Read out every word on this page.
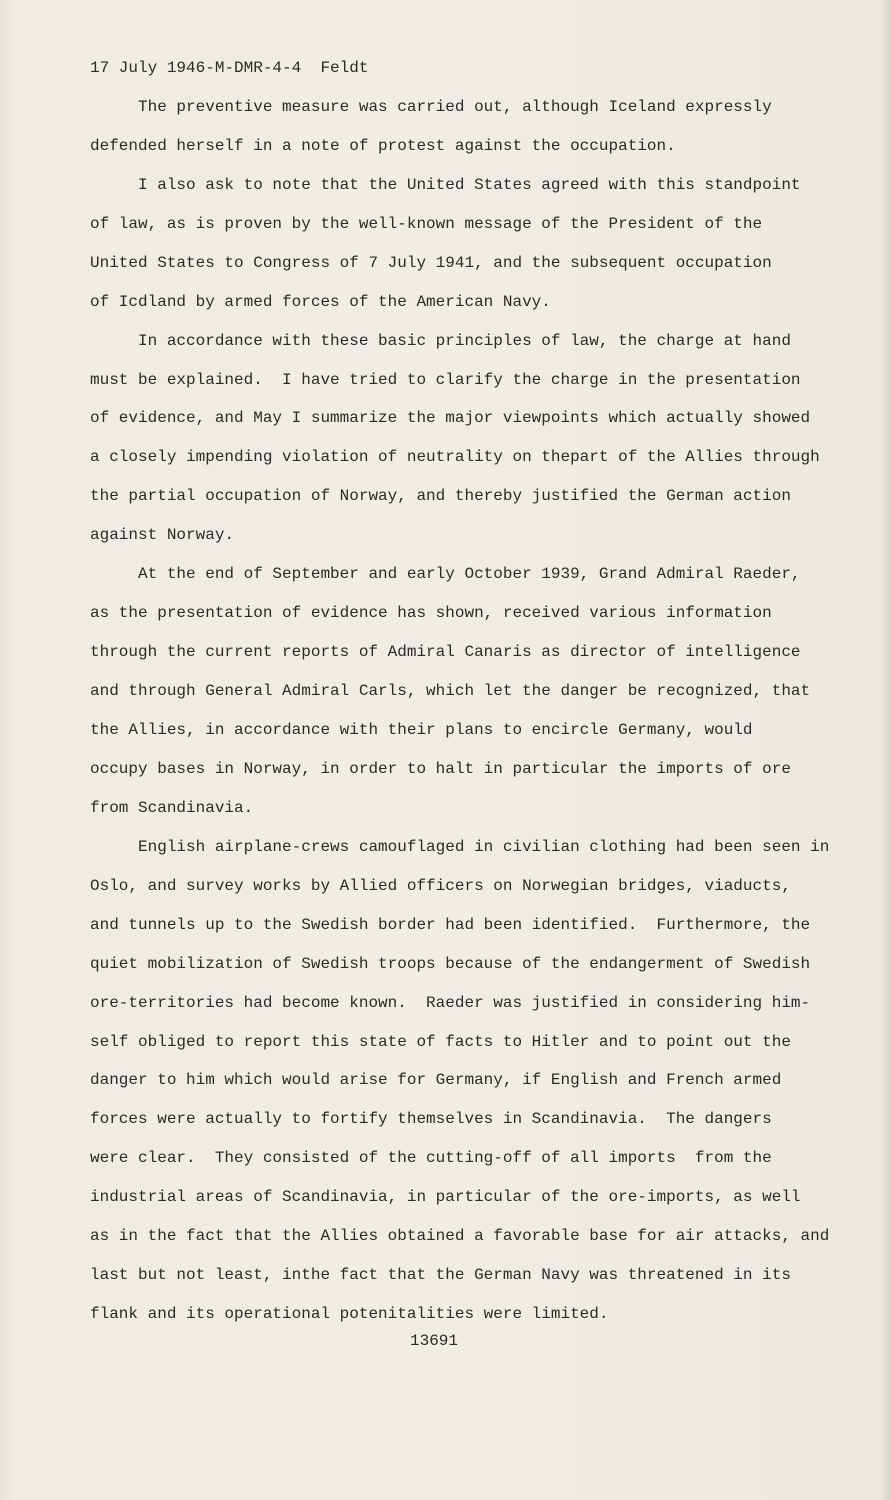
17 July 1946-M-DMR-4-4  Feldt
The preventive measure was carried out, although Iceland expressly
defended herself in a note of protest against the occupation.
I also ask to note that the United States agreed with this standpoint
of law, as is proven by the well-known message of the President of the
United States to Congress of 7 July 1941, and the subsequent occupation
of Icdland by armed forces of the American Navy.
In accordance with these basic principles of law, the charge at hand
must be explained.  I have tried to clarify the charge in the presentation
of evidence, and May I summarize the major viewpoints which actually showed
a closely impending violation of neutrality on thepart of the Allies through
the partial occupation of Norway, and thereby justified the German action
against Norway.
At the end of September and early October 1939, Grand Admiral Raeder,
as the presentation of evidence has shown, received various information
through the current reports of Admiral Canaris as director of intelligence
and through General Admiral Carls, which let the danger be recognized, that
the Allies, in accordance with their plans to encircle Germany, would
occupy bases in Norway, in order to halt in particular the imports of ore
from Scandinavia.
English airplane-crews camouflaged in civilian clothing had been seen in
Oslo, and survey works by Allied officers on Norwegian bridges, viaducts,
and tunnels up to the Swedish border had been identified.  Furthermore, the
quiet mobilization of Swedish troops because of the endangerment of Swedish
ore-territories had become known.  Raeder was justified in considering him-
self obliged to report this state of facts to Hitler and to point out the
danger to him which would arise for Germany, if English and French armed
forces were actually to fortify themselves in Scandinavia.  The dangers
were clear.  They consisted of the cutting-off of all imports  from the
industrial areas of Scandinavia, in particular of the ore-imports, as well
as in the fact that the Allies obtained a favorable base for air attacks, and
last but not least, inthe fact that the German Navy was threatened in its
flank and its operational potenitalities were limited.
13691
